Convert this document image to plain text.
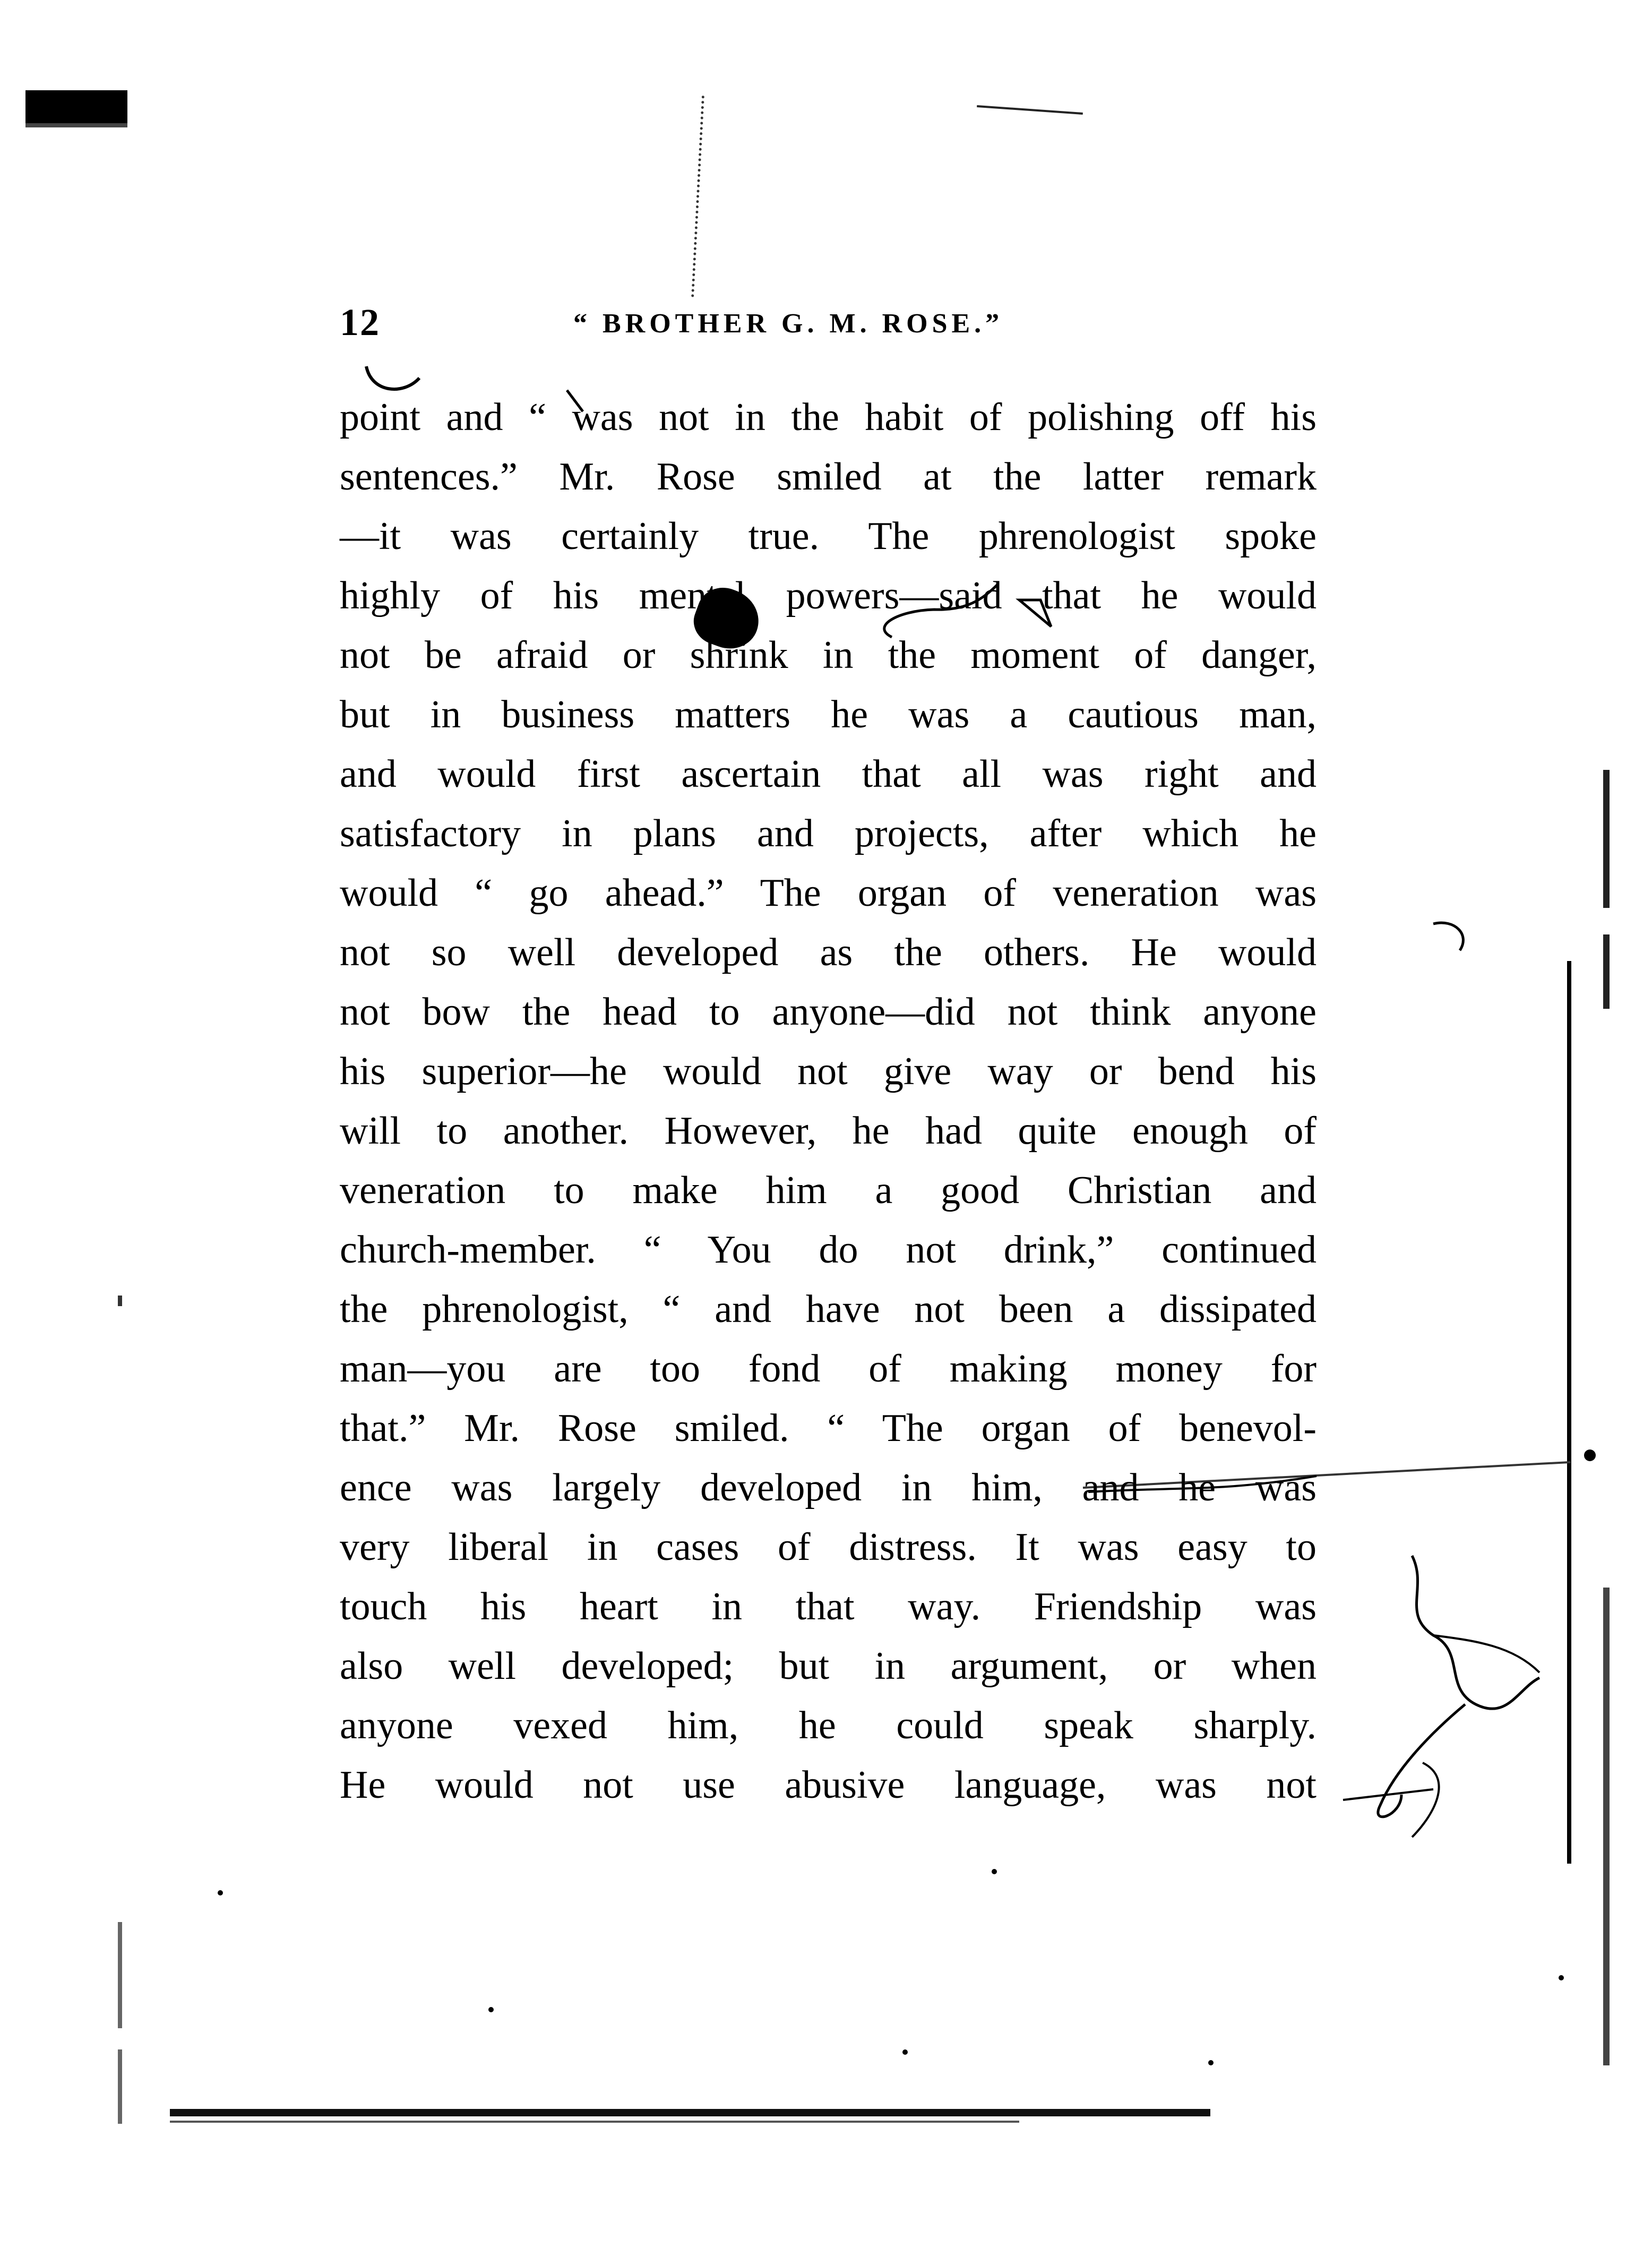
12	“ BROTHER G. M. ROSE.”
point and “ was not in the habit of polishing off his
sentences.” Mr. Rose smiled at the latter remark
—it was certainly true. The phrenologist spoke
highly of his mental powers—said that he would
not be afraid or shrink in the moment of danger,
but in business matters he was a cautious man,
and would first ascertain that all was right and
satisfactory in plans and projects, after which he
would “ go ahead.” The organ of veneration was
not so well developed as the others. He would
not bow the head to anyone—did not think anyone
his superior—he would not give way or bend his
will to another. However, he had quite enough of
veneration to make him a good Christian and
church-member. “ You do not drink,” continued
the phrenologist, “ and have not been a dissipated
man—you are too fond of making money for
that.” Mr. Rose smiled. “ The organ of benevol-
ence was largely developed in him, and he was
very liberal in cases of distress. It was easy to
touch his heart in that way. Friendship was
also well developed; but in argument, or when
anyone vexed him, he could speak sharply.
He would not use abusive language, was not
